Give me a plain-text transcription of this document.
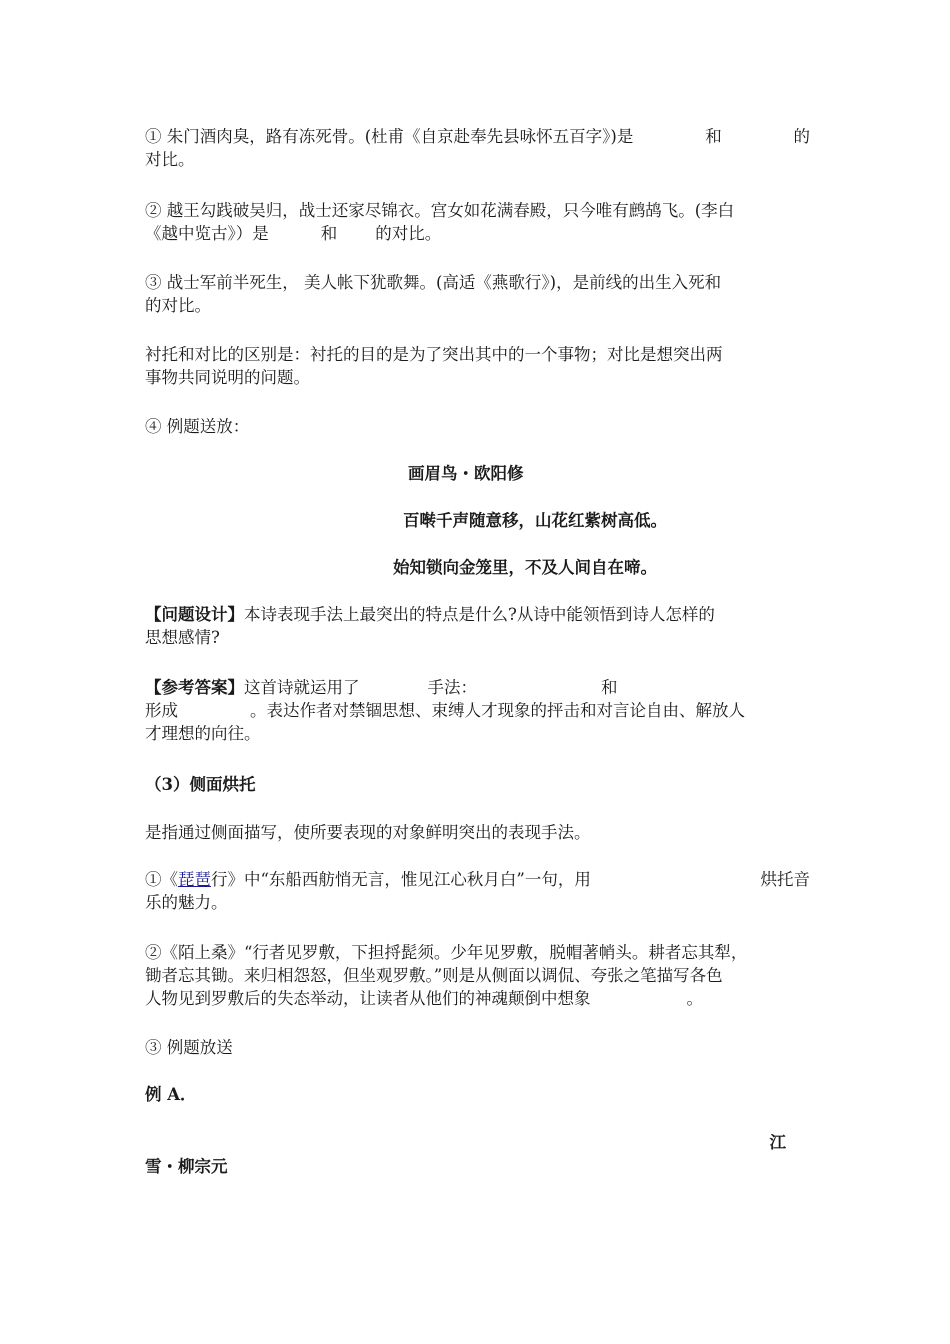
① 朱门酒肉臭，路有冻死骨。(杜甫《自京赴奉先县咏怀五百字》)是	和	的
对比。

② 越王勾践破吴归，战士还家尽锦衣。宫女如花满春殿，只今唯有鹧鸪飞。(李白
《越中览古》）是	和 的对比。

③ 战士军前半死生， 美人帐下犹歌舞。(高适《燕歌行》)，是前线的出生入死和
的对比。

衬托和对比的区别是：衬托的目的是为了突出其中的一个事物；对比是想突出两
事物共同说明的问题。

④ 例题送放：

画眉鸟・欧阳修

百啭千声随意移，山花红紫树高低。

始知锁向金笼里，不及人间自在啼。

【问题设计】本诗表现手法上最突出的特点是什么?从诗中能领悟到诗人怎样的
思想感情?

【参考答案】这首诗就运用了	手法：	和
形成	。表达作者对禁锢思想、束缚人才现象的抨击和对言论自由、解放人
才理想的向往。

（3）侧面烘托

是指通过侧面描写，使所要表现的对象鲜明突出的表现手法。

①《琵琶行》中“东船西舫悄无言，惟见江心秋月白”一句，用	烘托音
乐的魅力。

②《陌上桑》“行者见罗敷，下担捋髭须。少年见罗敷，脱帽著帩头。耕者忘其犁，
锄者忘其锄。来归相怨怒，但坐观罗敷。”则是从侧面以调侃、夸张之笔描写各色
人物见到罗敷后的失态举动，让读者从他们的神魂颠倒中想象	。

③ 例题放送

例 A．

江
雪・柳宗元
